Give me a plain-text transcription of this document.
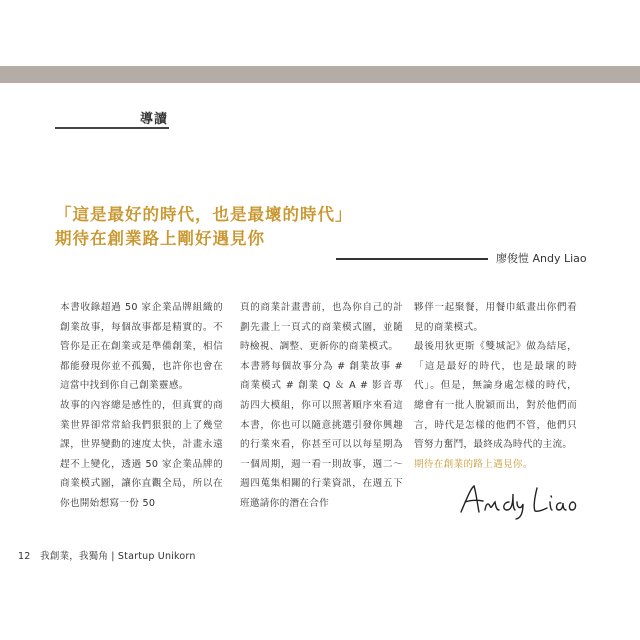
導讀
「這是最好的時代，也是最壞的時代」
期待在創業路上剛好遇見你
廖俊愷 Andy Liao

本書收錄超過 50 家企業品牌組織的創業故事，每個故事都是精實的。不管你是正在創業或是準備創業，相信都能發現你並不孤獨，也許你也會在這當中找到你自己創業靈感。

故事的內容總是感性的，但真實的商業世界卻常常給我們狠狠的上了幾堂課，世界變動的速度太快，計畫永遠趕不上變化，透過 50 家企業品牌的商業模式圖，讓你直觀全局，所以在你也開始想寫一份 50

頁的商業計畫書前，也為你自己的計劃先畫上一頁式的商業模式圖，並隨時檢視、調整、更新你的商業模式。

本書將每個故事分為 # 創業故事 # 商業模式 # 創業 Q ＆ A # 影音專訪四大模組，你可以照著順序來看這本書，你也可以隨意挑選引發你興趣的行業來看，你甚至可以以每星期為一個周期，週一看一則故事，週二～週四蒐集相關的行業資訊，在週五下班邀請你的潛在合作

夥伴一起聚餐，用餐巾紙畫出你們看見的商業模式。

最後用狄更斯《雙城記》做為結尾，「這是最好的時代，也是最壞的時代」。但是，無論身處怎樣的時代，總會有一批人脫穎而出，對於他們而言，時代是怎樣的他們不管，他們只管努力奮鬥，最終成為時代的主流。

期待在創業的路上遇見你。

12 我創業，我獨角 | Startup Unikorn
